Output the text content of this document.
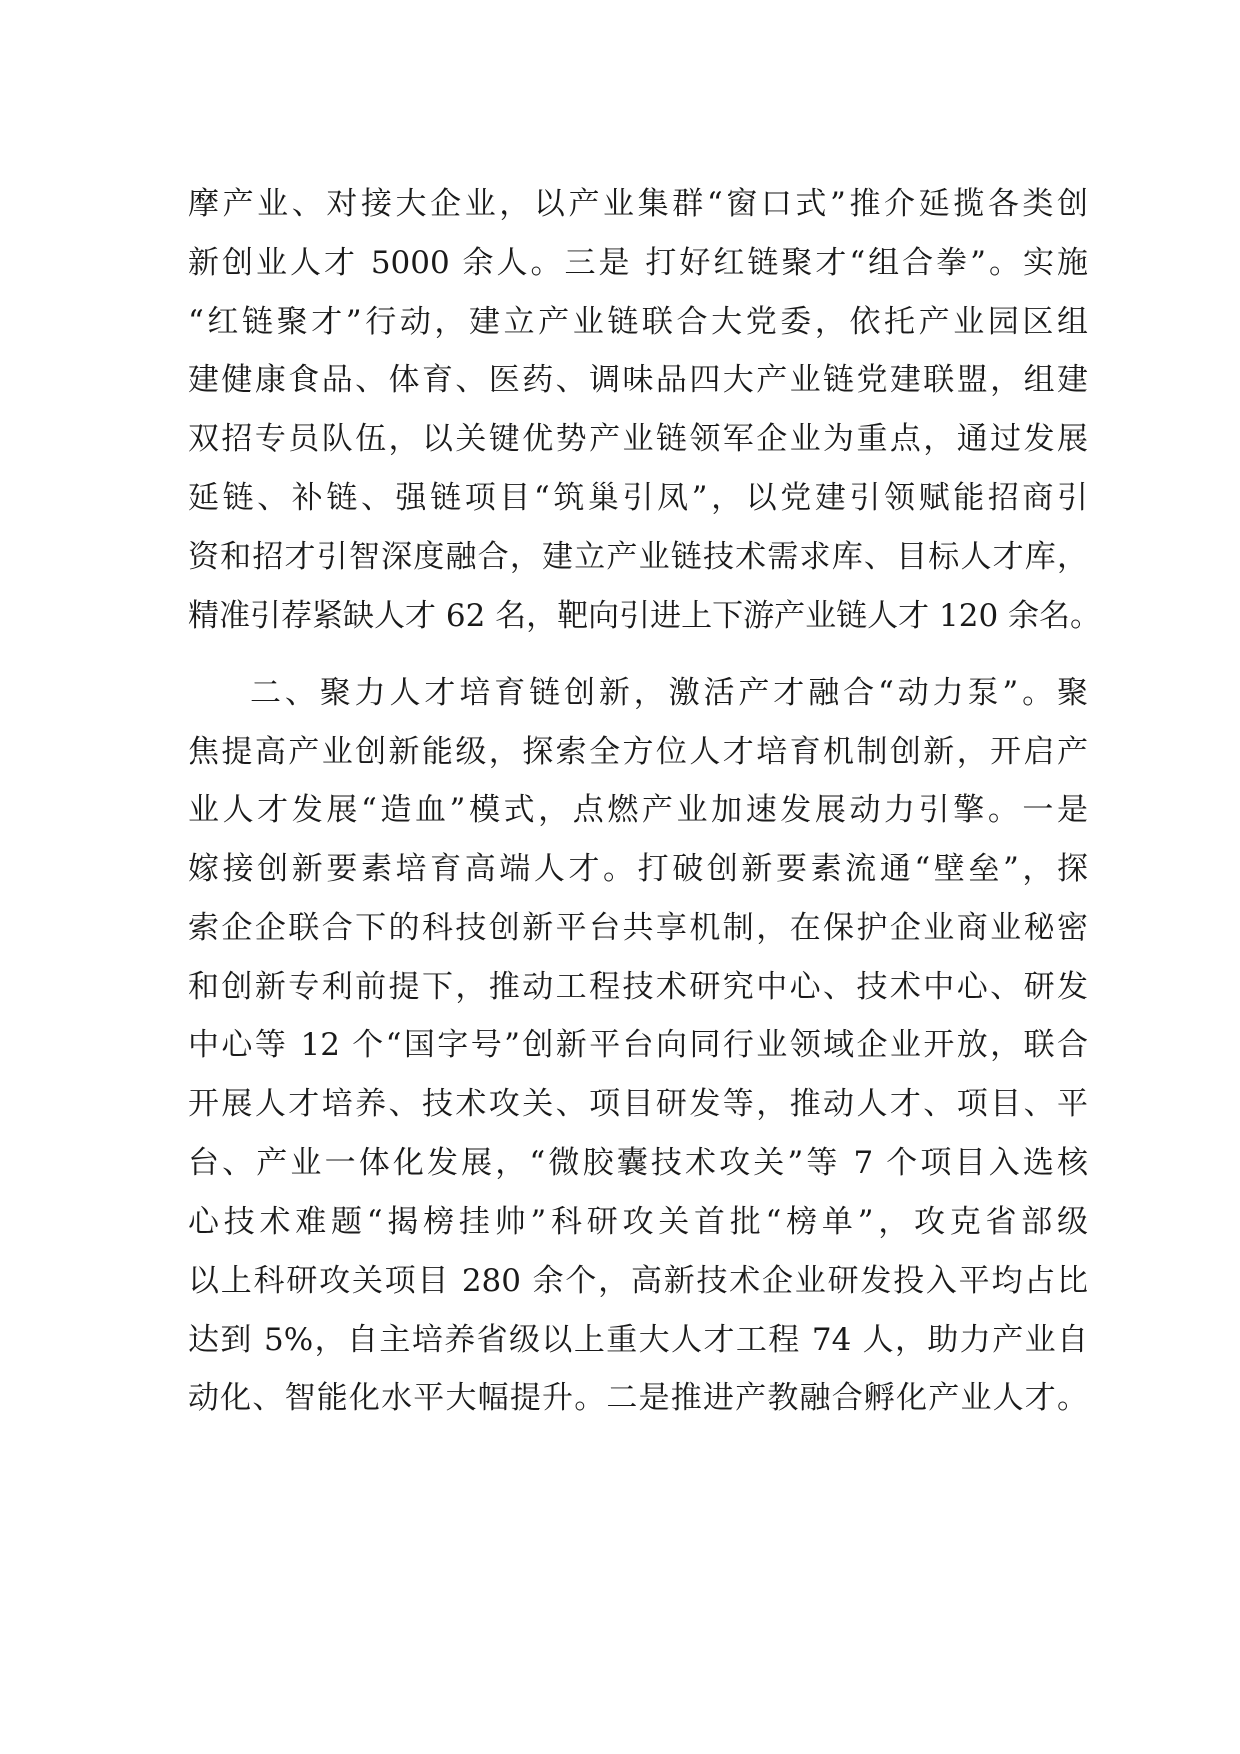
摩产业、对接大企业，以产业集群“窗口式”推介延揽各类创
新创业人才 5000 余人。三是 打好红链聚才“组合拳”。实施
“红链聚才”行动，建立产业链联合大党委，依托产业园区组
建健康食品、体育、医药、调味品四大产业链党建联盟，组建
双招专员队伍，以关键优势产业链领军企业为重点，通过发展
延链、补链、强链项目“筑巢引凤”，以党建引领赋能招商引
资和招才引智深度融合，建立产业链技术需求库、目标人才库，
精准引荐紧缺人才 62 名，靶向引进上下游产业链人才 120 余名。
二、聚力人才培育链创新，激活产才融合“动力泵”。聚
焦提高产业创新能级，探索全方位人才培育机制创新，开启产
业人才发展“造血”模式，点燃产业加速发展动力引擎。一是
嫁接创新要素培育高端人才。打破创新要素流通“壁垒”，探
索企企联合下的科技创新平台共享机制，在保护企业商业秘密
和创新专利前提下，推动工程技术研究中心、技术中心、研发
中心等 12 个“国字号”创新平台向同行业领域企业开放，联合
开展人才培养、技术攻关、项目研发等，推动人才、项目、平
台、产业一体化发展，“微胶囊技术攻关”等 7 个项目入选核
心技术难题“揭榜挂帅”科研攻关首批“榜单”，攻克省部级
以上科研攻关项目 280 余个，高新技术企业研发投入平均占比
达到 5%，自主培养省级以上重大人才工程 74 人，助力产业自
动化、智能化水平大幅提升。二是推进产教融合孵化产业人才。
